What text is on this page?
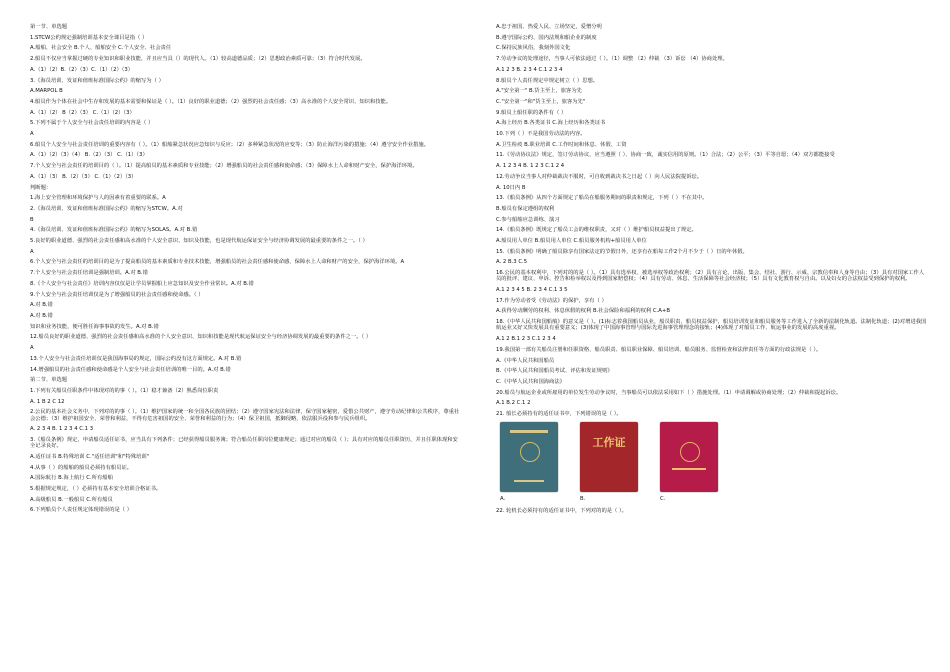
第一节、单选题
1.STCW公约规定强制培训基本安全课目是指（ ）
A.船舶、社会安全 B.个人、船舶安全 C.个人安全、社会责任
2.船员不仅应当掌握过硬的专业知识和职业技能，并且应当具（）的现代人。（1）较高道德品质；（2）思想政治素质可靠；（3）符合时代发展。
A.（1）（2）B.（2）（3）C.（1）（2）（3）
3.《海员培训、发证和值班标准国际公约》的缩写为（ ）
A.MARPOL B
4.船员作为个体在社会中生存和发展的基本需要和保证是（ ）。（1）良好的职业道德；（2）强烈的社会责任感；（3）高水准的个人安全常识、知识和技能。
A.（1）（2） B（2）（3） C.（1）（2）（3）
5.下列不属于个人安全与社会责任培训的内容是（ ）
A
6.船员个人安全与社会责任培训的重要内容有（ ）。（1）船舶紧急状况应急知识与反应；（2）多种紧急状况的应变等；（3）防止海洋污染的措施；（4）遵守安全作业措施。
A.（1）（2）（3）（4） B.（2）（3） C.（1）（3）
7.个人安全与社会责任的培训目的（ ）。（1）提高船员的基本素质和专业技能；（2）增强船员的社会责任感和使命感；（3）保障水上人命和财产安全，保护海洋环境。
A.（1）（3） B.（2）（3） C.（1）（2）（3）
判断题：
1.海上安全管理和环境保护与人的因素有着重要的联系。A
2.《海员培训、发证和值班标准国际公约》的缩写为STCW。A.对
B
4.《海员培训、发证和值班标准国际公约》的缩写为SOLAS。A.对 B.错
5.良好的职业道德、强烈的社会责任感和高水准的个人安全意识、知识及技能，也是现代航运保证安全与经济协调发展的最重要的条件之一。（ ）
A
6.个人安全与社会责任的培训目的是为了提高船员的基本素质和专业技术技能，增强船员的社会责任感和使命感，保障水上人命和财产的安全，保护海洋环境。A
7.个人安全与社会责任培训是强制培训。A.对 B.错
8.《个人安全与社会责任》培训内容仅仅是让学员掌握船上应急知识及安全作业常识。A.对 B.错
9.个人安全与社会责任培训仅是为了增强船员的社会责任感和使命感。（ ）
A.对 B.错
A.对 B.错
知识和业务技能，便可胜任海事事故的发生。A.对 B.错
12.船员良好的职业道德、强烈的社会责任感和高水准的个人安全意识、知识和技能是现代航运保证安全与经济协调发展的最重要的条件之一。（ ）
A
13.个人安全与社会责任培训仅是我国海事局的规定，国际公约没有这方面规定。A.对 B.错
14.增强船员的社会责任感和使命感是个人安全与社会责任培训的唯一目的。A.对 B.错
第二节、单选题
1.下列有关船员任职条件中体现对的的事（ ）。（1）稳才兼备（2）熟悉岗位职责
A. 1 B 2 C 12
2.公民的基本社会义务中，下列对的的事（ ）。（1）维护国家的统一和全国各民族的团结；（2）遵守国家宪法和法律，保守国家秘密，爱惜公共财产，遵守劳动纪律和公共秩序，尊重社会公德；（3）维护祖国安全、荣誉和利益，不得有危害祖国的安全、荣誉和利益的行为；（4）保卫祖国，抵御侵略，依法服兵役和参与民兵组织。
A. 2 3 4 B. 1 2 3 4 C.1 3
3.《船员条例》规定，申请船员适任证书，应当具有下列条件；已经获得船员服务簿；符合船员任职岗位健康规定；通过对应的船员（ ）；具有对应的船员任职资历，并且任职体现和安全记录良好。
A.适任证书 B.特殊培训 C."适任培训"和"特殊培训"
4.从事（ ）的船舶的船员必须持有船员证。
A.国际航行 B.海上航行 C.所有船舶
5.根据规定规定，（ ）必须持有基本安全培训合格证书。
A.高级船员 B.一般船员 C.所有船员
6.下列船员个人责任规定体现错误的是（ ）
A.忠于祖国、热爱人民、立场坚定，爱憎分明
B.遵守国际公约、国内法规和船企业的制度
C.保持民族风俗，我刻外国文化
7.劳动争议的处理途径，当事人可依法通过（ ）。（1）调整 （2）仲裁 （3）诉讼 （4）协商处理。
A.1 2 3 B. 2 3 4 C.1 2 3 4
8.船员个人责任规定中规定树立（ ）思想。
A."安全第一" B.货主至上，旅客为先
C."安全第一"和"货主至上，旅客为先"
9.船员上船任职的条件有（ ）
A.海上经历 B.各类证书 C.海上经历和各类证书
10.下列（ ）不是我国劳动法的内容。
A.卫生检疫 B.职业培训 C.工作时间和休息、休假、工资
11.《劳动协议法》规定，签订劳动协议，应当遵照（ ）、协商一致，诚实信用的原则。（1）合法；（2）公平；（3）平等自愿；（4）双方都能接受
A. 1 2 3 4 B. 1 2 3 C.1 2 4
12.劳动争议当事人对仲裁裁决不服时，可自收到裁决书之日起（ ）向人民法院提诉讼。
A. 10日内 B
13.《船员条例》从四个方面规定了船员在船服务期间的职责和规定，下列（ ）不在其中。
B.船员有保定遵组的权利
C.参与船舶应急训练、演习
14.《船员条例》既规定了船员工会的维权职责，又对（ ）维护船员权益提出了规定。
A.船员用人单位 B.船员用人单位 C.船员服务机构+船员用人单位
15.《船员条例》明确了船员除享有国家法定的节假日外，还享有在船每工作2个月不少于（ ）日的年休假。
A. 2 B.3 C.5
16.公民的基本权利中，下列对的的是（ ）。（1）具有选举权、被选举权等政治权利；（2）具有言论、出版、集会、结社、游行、示威、宗教信奉和人身等自由；（3）具有对国家工作人员的批评、建议、申诉、控告和检举权以及得到国家赔偿权；（4）具有劳动、休息、生活保障等社会经济权；（5）具有文化教育权与自由。以及妇女的合法权益受到保护的权利。
A.1 2 3 4 5 B. 2 3 4 C.1 3 5
17.作为劳动者受《劳动法》的保护，享有（ ）
A.获得劳动酬劳的权利、休息休假的权利 B.社会保险和福利的权利 C.A+B
18.《中华人民共和国船舶》的意义是（ ）。(1)标志着我国船员从业，船员职责、船员权益保护，船员培训发证和船员服务等工作进入了全新的法制化轨道。法制化轨道；(2)对增进我国航运业又好又快发展具有重要意义；(3)体现了中国海事管理与国际先进海事管理理念的接轨；(4)体现了对船员工作、航运事业的发展的高度重视。
A.1 2 B.1 2 3 C.1 2 3 4
19.我国第一部有关船员注册和任职资格、船员职责、船员职业保障、船员培训、船员服务、监督检查和法律责任等方面的行政法规是（ ）。
A.《中华人民共和国船员
B.《中华人民共和国船员考试、评估和发证规则》
C.《中华人民共和国海商法》
20.船员与航运企业或所雇用的单位发生劳动争议时，当事船员可以依法采用如下（ ）措施处理。（1）申请调解或协商处理；（2）仲裁和提起诉讼。
A.1 B.2 C.1 2
21. 船长必须持有的适任证书中，下列错误的是（ ）。
工作证
A.	B.	C.
22. 轮机长必须持有的适任证书中，下列对的的是（ ）。
